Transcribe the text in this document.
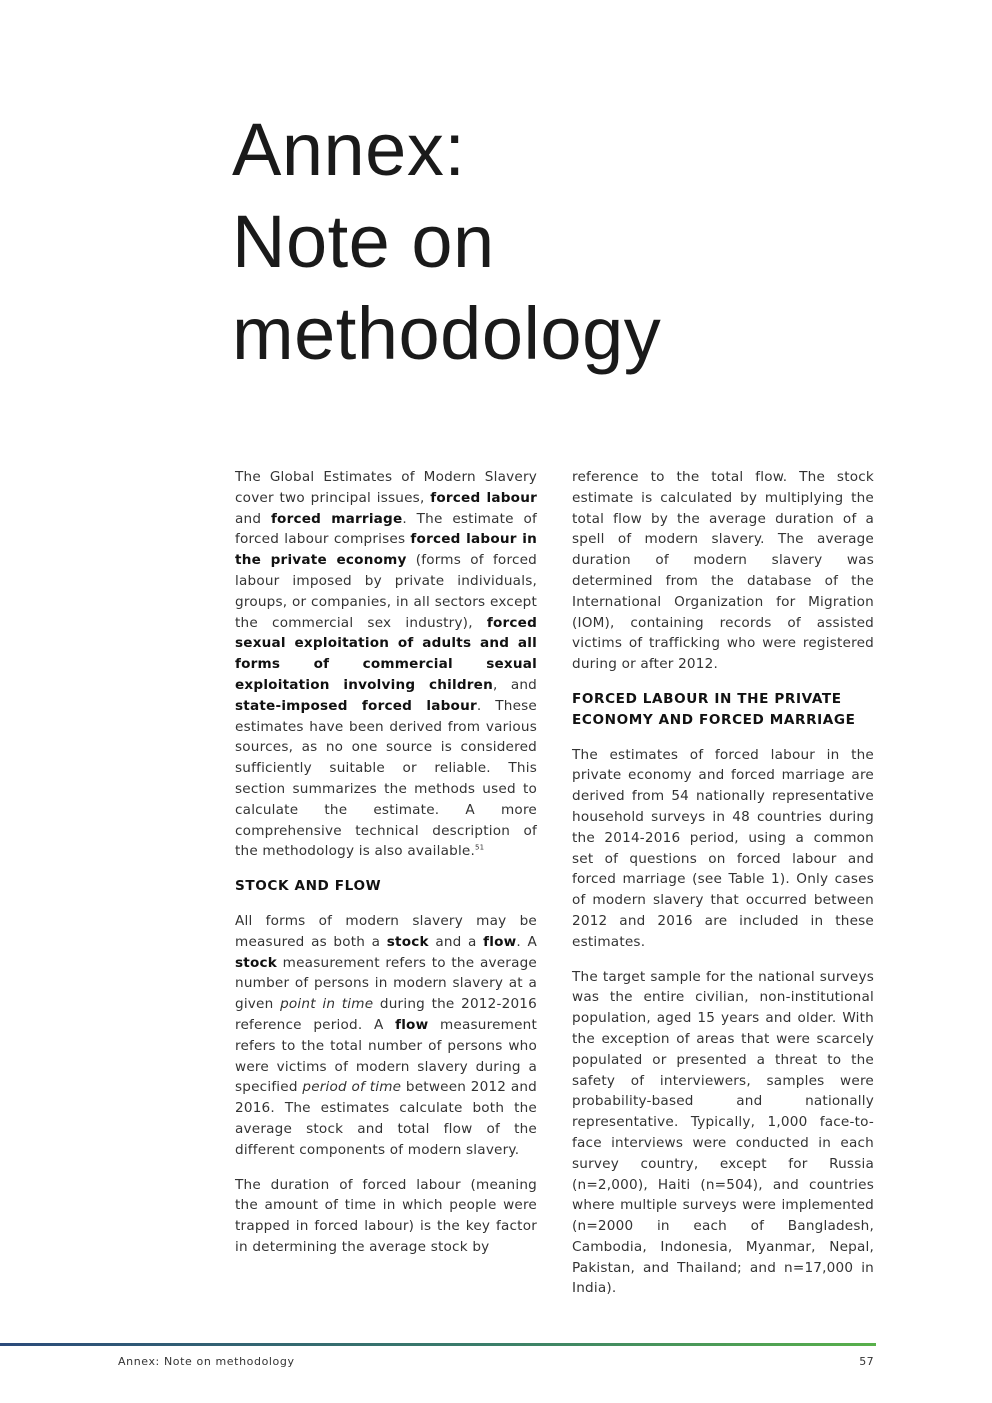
Annex:
Note on
methodology

The Global Estimates of Modern Slavery cover two principal issues, forced labour and forced marriage. The estimate of forced labour comprises forced labour in the private economy (forms of forced labour imposed by private individuals, groups, or companies, in all sectors except the commercial sex industry), forced sexual exploitation of adults and all forms of commercial sexual exploitation involving children, and state-imposed forced labour. These estimates have been derived from various sources, as no one source is considered sufficiently suitable or reliable. This section summarizes the methods used to calculate the estimate. A more comprehensive technical description of the methodology is also available.$^{51}$

STOCK AND FLOW

All forms of modern slavery may be measured as both a stock and a flow. A stock measurement refers to the average number of persons in modern slavery at a given point in time during the 2012-2016 reference period. A flow measurement refers to the total number of persons who were victims of modern slavery during a specified period of time between 2012 and 2016. The estimates calculate both the average stock and total flow of the different components of modern slavery.

The duration of forced labour (meaning the amount of time in which people were trapped in forced labour) is the key factor in determining the average stock by

reference to the total flow. The stock estimate is calculated by multiplying the total flow by the average duration of a spell of modern slavery. The average duration of modern slavery was determined from the database of the International Organization for Migration (IOM), containing records of assisted victims of trafficking who were registered during or after 2012.

FORCED LABOUR IN THE PRIVATE ECONOMY AND FORCED MARRIAGE

The estimates of forced labour in the private economy and forced marriage are derived from 54 nationally representative household surveys in 48 countries during the 2014-2016 period, using a common set of questions on forced labour and forced marriage (see Table 1). Only cases of modern slavery that occurred between 2012 and 2016 are included in these estimates.

The target sample for the national surveys was the entire civilian, non-institutional population, aged 15 years and older. With the exception of areas that were scarcely populated or presented a threat to the safety of interviewers, samples were probability-based and nationally representative. Typically, 1,000 face-to-face interviews were conducted in each survey country, except for Russia (n=2,000), Haiti (n=504), and countries where multiple surveys were implemented (n=2000 in each of Bangladesh, Cambodia, Indonesia, Myanmar, Nepal, Pakistan, and Thailand; and n=17,000 in India).

Annex: Note on methodology	57
